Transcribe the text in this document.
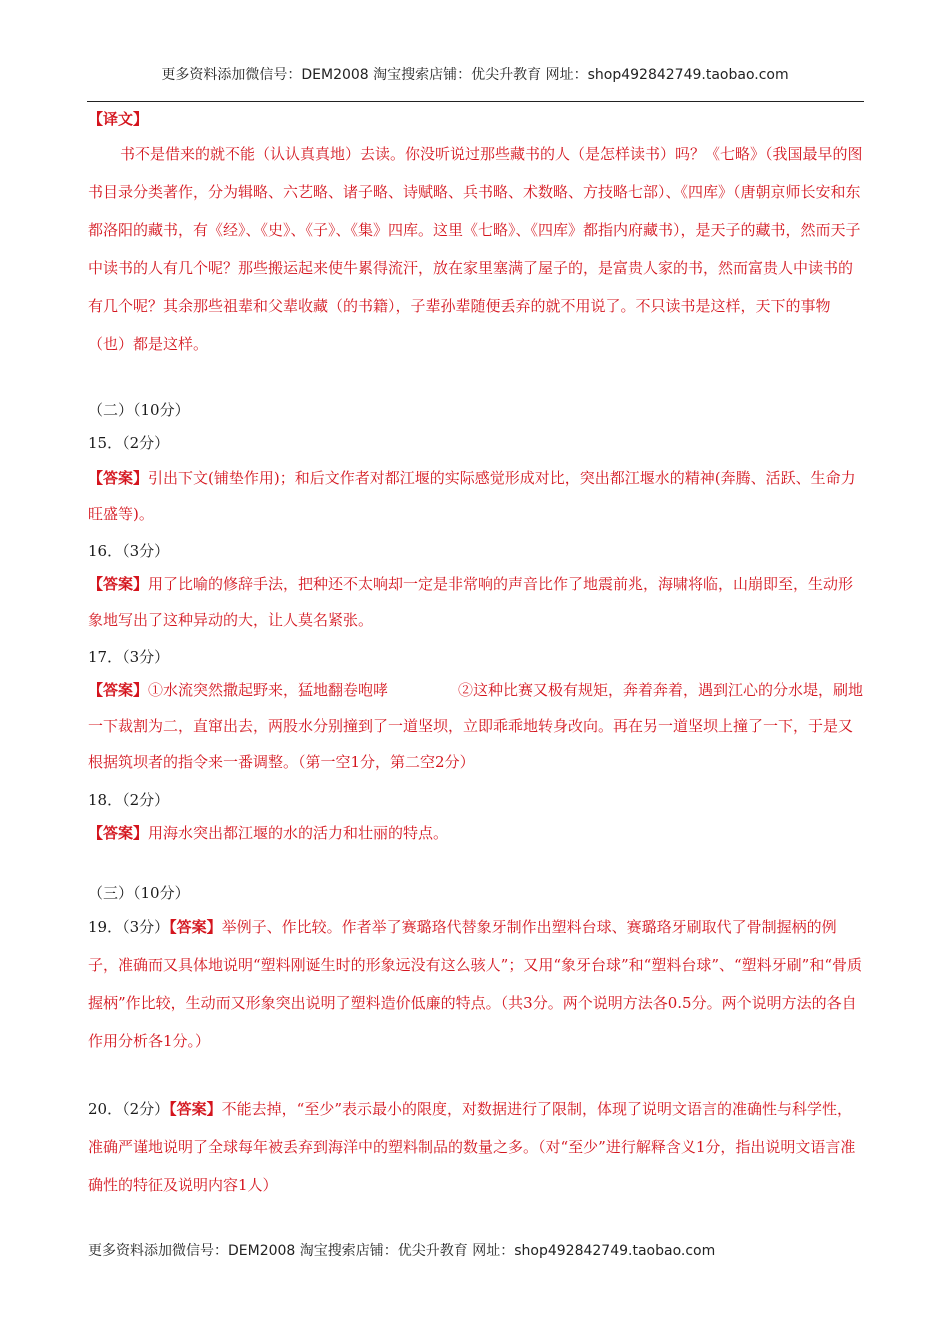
更多资料添加微信号：DEM2008 淘宝搜索店铺：优尖升教育 网址：shop492842749.taobao.com
【译文】
书不是借来的就不能（认认真真地）去读。你没听说过那些藏书的人（是怎样读书）吗？《七略》（我国最早的图书目录分类著作，分为辑略、六艺略、诸子略、诗赋略、兵书略、术数略、方技略七部）、《四库》（唐朝京师长安和东都洛阳的藏书，有《经》、《史》、《子》、《集》四库。这里《七略》、《四库》都指内府藏书），是天子的藏书，然而天子中读书的人有几个呢？那些搬运起来使牛累得流汗，放在家里塞满了屋子的，是富贵人家的书，然而富贵人中读书的有几个呢？其余那些祖辈和父辈收藏（的书籍），子辈孙辈随便丢弃的就不用说了。不只读书是这样，天下的事物（也）都是这样。
（二）（10分）
15．（2分）
【答案】引出下文(铺垫作用)；和后文作者对都江堰的实际感觉形成对比，突出都江堰水的精神(奔腾、活跃、生命力旺盛等)。
16．（3分）
【答案】用了比喻的修辞手法，把种还不太响却一定是非常响的声音比作了地震前兆，海啸将临，山崩即至，生动形象地写出了这种异动的大，让人莫名紧张。
17．（3分）
【答案】①水流突然撒起野来，猛地翻卷咆哮	②这种比赛又极有规矩，奔着奔着，遇到江心的分水堤，刷地一下裁割为二，直窜出去，两股水分别撞到了一道坚坝，立即乖乖地转身改向。再在另一道坚坝上撞了一下，于是又根据筑坝者的指令来一番调整。（第一空1分，第二空2分）
18．（2分）
【答案】用海水突出都江堰的水的活力和壮丽的特点。
（三）（10分）
19．（3分）【答案】举例子、作比较。作者举了赛璐珞代替象牙制作出塑料台球、赛璐珞牙刷取代了骨制握柄的例子，准确而又具体地说明“塑料刚诞生时的形象远没有这么骇人”；又用“象牙台球”和“塑料台球”、“塑料牙刷”和“骨质握柄”作比较，生动而又形象突出说明了塑料造价低廉的特点。（共3分。两个说明方法各0.5分。两个说明方法的各自作用分析各1分。）
20．（2分）【答案】不能去掉，“至少”表示最小的限度，对数据进行了限制，体现了说明文语言的准确性与科学性，准确严谨地说明了全球每年被丢弃到海洋中的塑料制品的数量之多。（对“至少”进行解释含义1分，指出说明文语言准确性的特征及说明内容1人）
更多资料添加微信号：DEM2008 淘宝搜索店铺：优尖升教育 网址：shop492842749.taobao.com
